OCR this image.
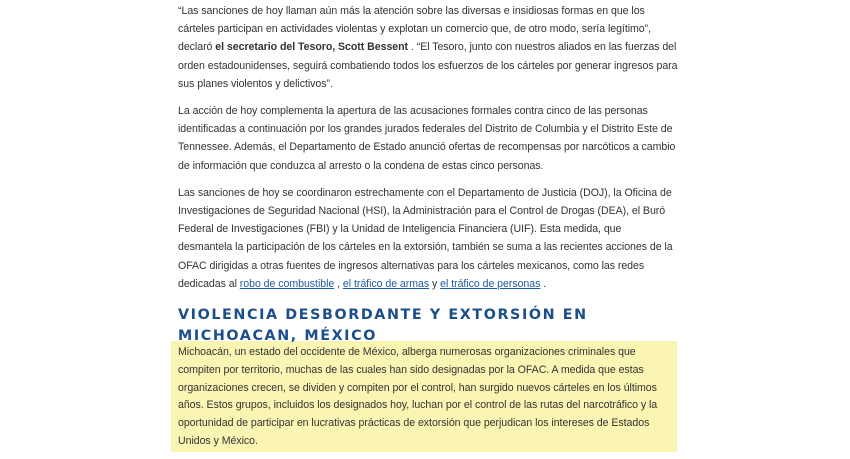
“Las sanciones de hoy llaman aún más la atención sobre las diversas e insidiosas formas en que los cárteles participan en actividades violentas y explotan un comercio que, de otro modo, sería legítimo”, declaró el secretario del Tesoro, Scott Bessent . “El Tesoro, junto con nuestros aliados en las fuerzas del orden estadounidenses, seguirá combatiendo todos los esfuerzos de los cárteles por generar ingresos para sus planes violentos y delictivos”.

La acción de hoy complementa la apertura de las acusaciones formales contra cinco de las personas identificadas a continuación por los grandes jurados federales del Distrito de Columbia y el Distrito Este de Tennessee. Además, el Departamento de Estado anunció ofertas de recompensas por narcóticos a cambio de información que conduzca al arresto o la condena de estas cinco personas.

Las sanciones de hoy se coordinaron estrechamente con el Departamento de Justicia (DOJ), la Oficina de Investigaciones de Seguridad Nacional (HSI), la Administración para el Control de Drogas (DEA), el Buró Federal de Investigaciones (FBI) y la Unidad de Inteligencia Financiera (UIF). Esta medida, que desmantela la participación de los cárteles en la extorsión, también se suma a las recientes acciones de la OFAC dirigidas a otras fuentes de ingresos alternativas para los cárteles mexicanos, como las redes dedicadas al robo de combustible , el tráfico de armas y el tráfico de personas .

VIOLENCIA DESBORDANTE Y EXTORSIÓN EN MICHOACAN, MÉXICO

Michoacán, un estado del occidente de México, alberga numerosas organizaciones criminales que compiten por territorio, muchas de las cuales han sido designadas por la OFAC. A medida que estas organizaciones crecen, se dividen y compiten por el control, han surgido nuevos cárteles en los últimos años. Estos grupos, incluidos los designados hoy, luchan por el control de las rutas del narcotráfico y la oportunidad de participar en lucrativas prácticas de extorsión que perjudican los intereses de Estados Unidos y México.
